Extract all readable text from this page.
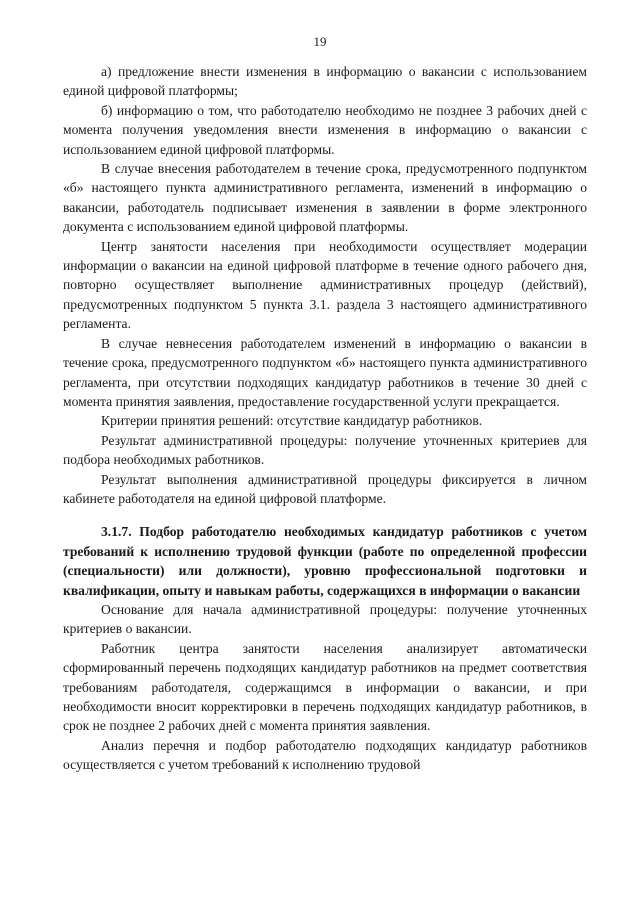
19

а) предложение внести изменения в информацию о вакансии с использованием единой цифровой платформы;

б) информацию о том, что работодателю необходимо не позднее 3 рабочих дней с момента получения уведомления внести изменения в информацию о вакансии с использованием единой цифровой платформы.

В случае внесения работодателем в течение срока, предусмотренного подпунктом «б» настоящего пункта административного регламента, изменений в информацию о вакансии, работодатель подписывает изменения в заявлении в форме электронного документа с использованием единой цифровой платформы.

Центр занятости населения при необходимости осуществляет модерации информации о вакансии на единой цифровой платформе в течение одного рабочего дня, повторно осуществляет выполнение административных процедур (действий), предусмотренных подпунктом 5 пункта 3.1. раздела 3 настоящего административного регламента.

В случае невнесения работодателем изменений в информацию о вакансии в течение срока, предусмотренного подпунктом «б» настоящего пункта административного регламента, при отсутствии подходящих кандидатур работников в течение 30 дней с момента принятия заявления, предоставление государственной услуги прекращается.

Критерии принятия решений: отсутствие кандидатур работников.

Результат административной процедуры: получение уточненных критериев для подбора необходимых работников.

Результат выполнения административной процедуры фиксируется в личном кабинете работодателя на единой цифровой платформе.

3.1.7. Подбор работодателю необходимых кандидатур работников с учетом требований к исполнению трудовой функции (работе по определенной профессии (специальности) или должности), уровню профессиональной подготовки и квалификации, опыту и навыкам работы, содержащихся в информации о вакансии

Основание для начала административной процедуры: получение уточненных критериев о вакансии.

Работник центра занятости населения анализирует автоматически сформированный перечень подходящих кандидатур работников на предмет соответствия требованиям работодателя, содержащимся в информации о вакансии, и при необходимости вносит корректировки в перечень подходящих кандидатур работников, в срок не позднее 2 рабочих дней с момента принятия заявления.

Анализ перечня и подбор работодателю подходящих кандидатур работников осуществляется с учетом требований к исполнению трудовой
